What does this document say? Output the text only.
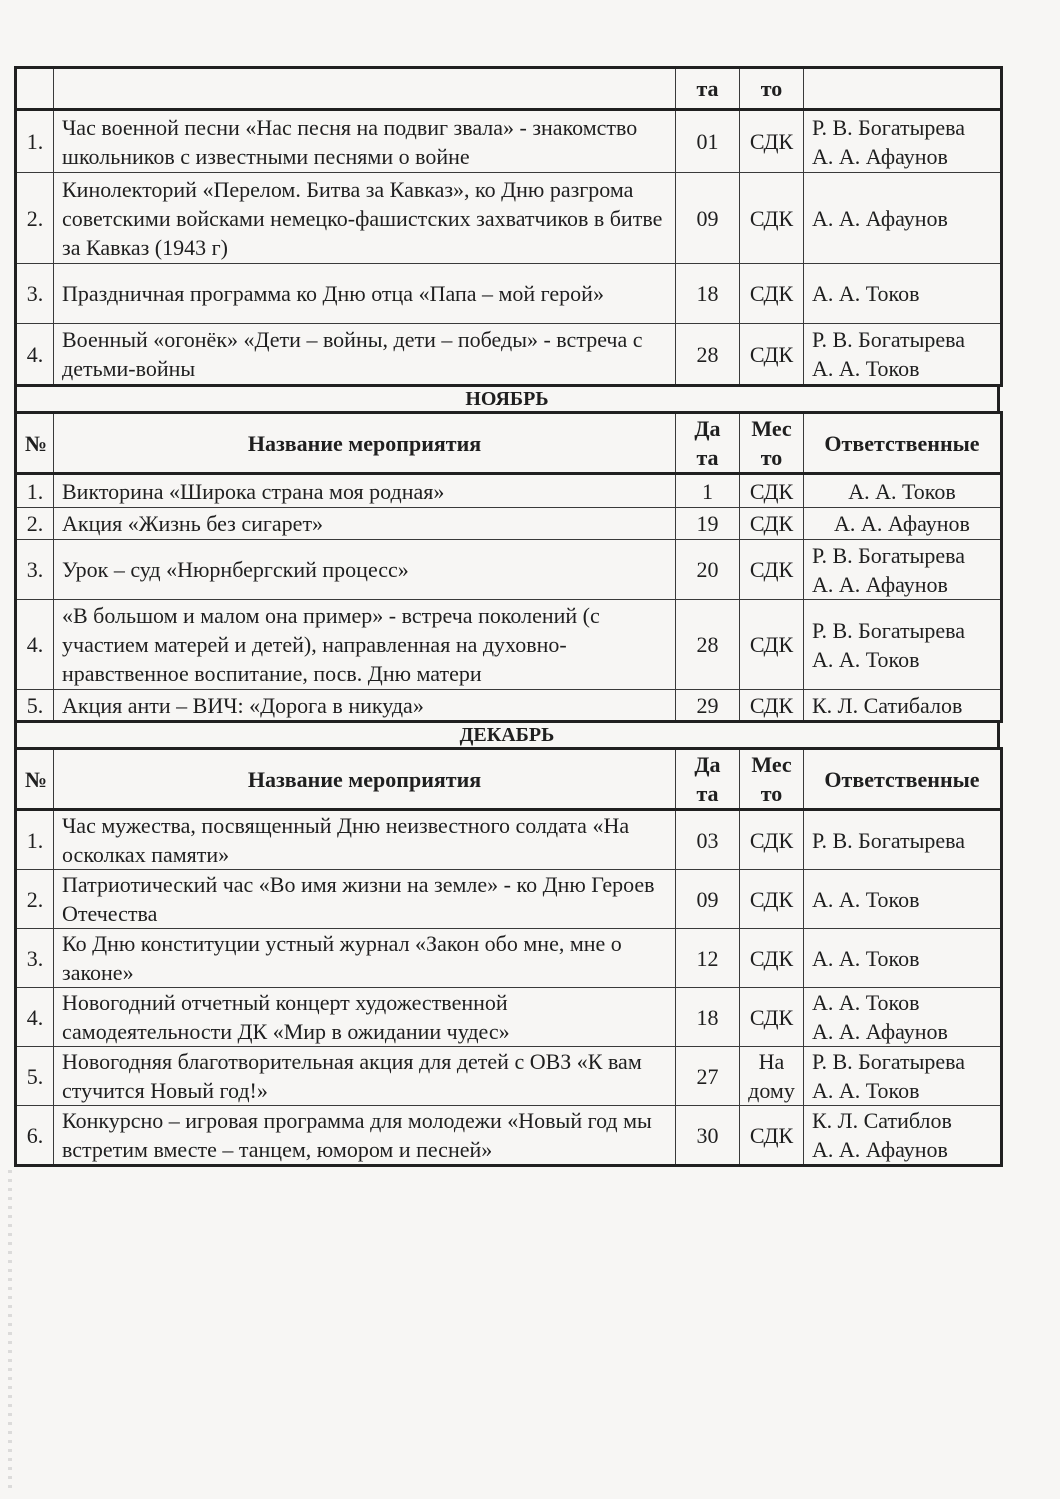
		та	то	
1.	Час военной песни «Нас песня на подвиг звала» - знакомство школьников с известными песнями о войне	01	СДК	Р. В. Богатырева
А. А. Афаунов

2.	Кинолекторий «Перелом. Битва за Кавказ», ко Дню разгрома советскими войсками немецко-фашистских захватчиков в битве за Кавказ (1943 г)	09	СДК	А. А. Афаунов

3.	Праздничная программа ко Дню отца «Папа – мой герой»	18	СДК	А. А. Токов

4.	Военный «огонёк» «Дети – войны, дети – победы» - встреча с детьми-войны	28	СДК	Р. В. Богатырева
А. А. Токов
НОЯБРЬ
№	Название мероприятия	Да та	Мес то	Ответственные
1.	Викторина «Широка страна моя родная»	1	СДК	А. А. Токов

2.	Акция «Жизнь без сигарет»	19	СДК	А. А. Афаунов

3.	Урок – суд «Нюрнбергский процесс»	20	СДК	Р. В. Богатырева
А. А. Афаунов

4.	«В большом и малом она пример» - встреча поколений (с участием матерей и детей), направленная на духовно-нравственное воспитание, посв. Дню матери	28	СДК	Р. В. Богатырева
А. А. Токов

5.	Акция анти – ВИЧ: «Дорога в никуда»	29	СДК	К. Л. Сатибалов
ДЕКАБРЬ
№	Название мероприятия	Да та	Мес то	Ответственные
1.	Час мужества, посвященный Дню неизвестного солдата «На осколках памяти»	03	СДК	Р. В. Богатырева

2.	Патриотический час «Во имя жизни на земле» - ко Дню Героев Отечества	09	СДК	А. А. Токов

3.	Ко Дню конституции устный журнал «Закон обо мне, мне о законе»	12	СДК	А. А. Токов

4.	Новогодний отчетный концерт художественной самодеятельности ДК «Мир в ожидании чудес»	18	СДК	А. А. Токов
А. А. Афаунов

5.	Новогодняя благотворительная акция для детей с ОВЗ «К вам стучится Новый год!»	27	На дому	Р. В. Богатырева
А. А. Токов

6.	Конкурсно – игровая программа для молодежи «Новый год мы встретим вместе – танцем, юмором и песней»	30	СДК	К. Л. Сатиблов
А. А. Афаунов
